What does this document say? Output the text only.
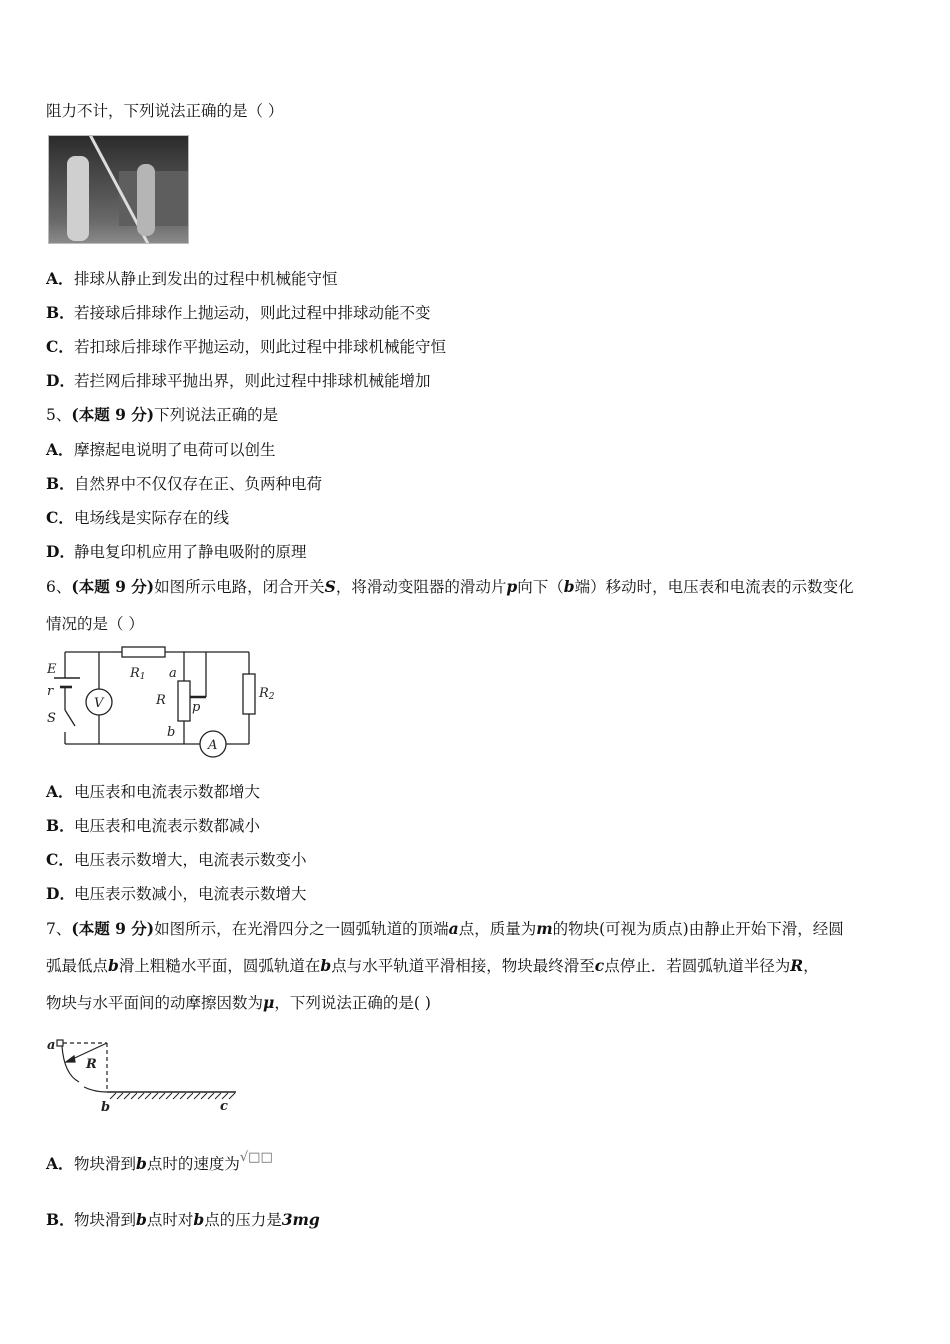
阻力不计，下列说法正确的是（ ）
A．排球从静止到发出的过程中机械能守恒
B．若接球后排球作上抛运动，则此过程中排球动能不变
C．若扣球后排球作平抛运动，则此过程中排球机械能守恒
D．若拦网后排球平抛出界，则此过程中排球机械能增加
5、(本题 9 分)下列说法正确的是
A．摩擦起电说明了电荷可以创生
B．自然界中不仅仅存在正、负两种电荷
C．电场线是实际存在的线
D．静电复印机应用了静电吸附的原理
6、(本题 9 分)如图所示电路，闭合开关S，将滑动变阻器的滑动片p向下（b端）移动时，电压表和电流表的示数变化
情况的是（ ）
E
r
S
V
R1 a
R p
b
A
R2
A．电压表和电流表示数都增大
B．电压表和电流表示数都减小
C．电压表示数增大，电流表示数变小
D．电压表示数减小，电流表示数增大
7、(本题 9 分)如图所示，在光滑四分之一圆弧轨道的顶端a点，质量为m的物块(可视为质点)由静止开始下滑，经圆
弧最低点b滑上粗糙水平面，圆弧轨道在b点与水平轨道平滑相接，物块最终滑至c点停止．若圆弧轨道半径为R，
物块与水平面间的动摩擦因数为μ，下列说法正确的是( )
a
R
b	c
A．物块滑到b点时的速度为√□□
B．物块滑到b点时对b点的压力是3mg
